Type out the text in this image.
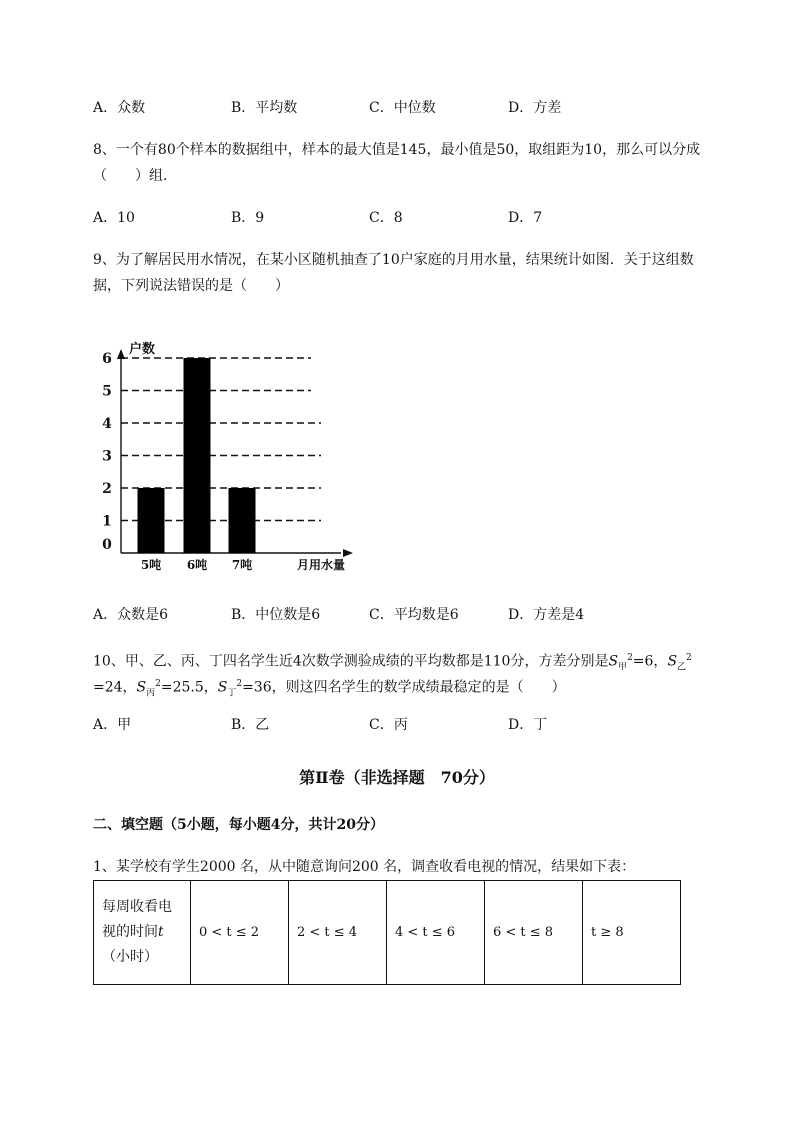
A．众数	B．平均数	C．中位数	D．方差
8、一个有80个样本的数据组中，样本的最大值是145，最小值是50，取组距为10，那么可以分成
（　　）组．
A．10	B．9	C．8	D．7
9、为了解居民用水情况，在某小区随机抽查了10户家庭的月用水量，结果统计如图．关于这组数
据，下列说法错误的是（　　）
0
1
2
3
4
5
6
户数
5吨 6吨 7吨	月用水量
A．众数是6	B．中位数是6	C．平均数是6	D．方差是4
10、甲、乙、丙、丁四名学生近4次数学测验成绩的平均数都是110分，方差分别是$S_甲^2=6$，$S_乙^2$
=24，$S_丙^2=25.5$，$S_丁^2=36$，则这四名学生的数学成绩最稳定的是（　　）
A．甲	B．乙	C．丙	D．丁
第Ⅱ卷（非选择题　70分）
二、填空题（5小题，每小题4分，共计20分）
1、某学校有学生2000 名，从中随意询问200 名，调查收看电视的情况，结果如下表：
每周收看电
视的时间t
（小时）
	0 < t ≤ 2	2 < t ≤ 4	4 < t ≤ 6	6 < t ≤ 8	t ≥ 8
